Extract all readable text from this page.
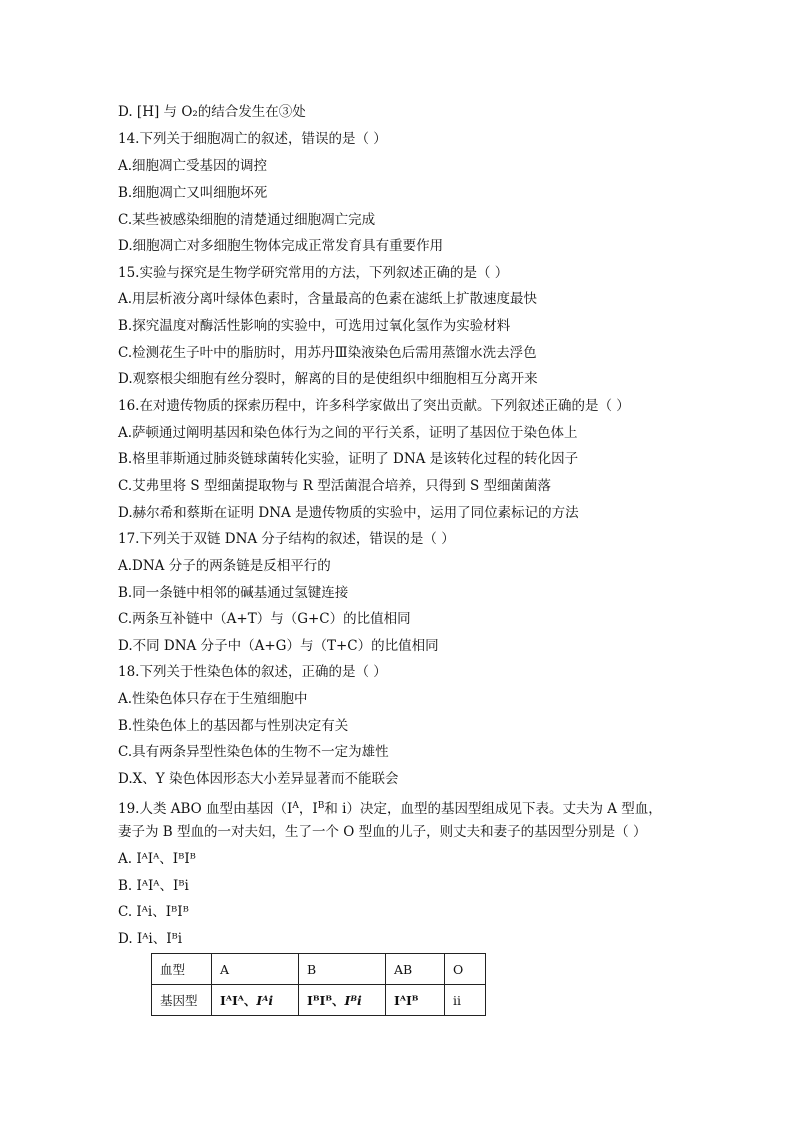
D. [H] 与 O₂的结合发生在③处
14.下列关于细胞凋亡的叙述，错误的是（ ）
A.细胞凋亡受基因的调控
B.细胞凋亡又叫细胞坏死
C.某些被感染细胞的清楚通过细胞凋亡完成
D.细胞凋亡对多细胞生物体完成正常发育具有重要作用
15.实验与探究是生物学研究常用的方法，下列叙述正确的是（ ）
A.用层析液分离叶绿体色素时，含量最高的色素在滤纸上扩散速度最快
B.探究温度对酶活性影响的实验中，可选用过氧化氢作为实验材料
C.检测花生子叶中的脂肪时，用苏丹Ⅲ染液染色后需用蒸馏水洗去浮色
D.观察根尖细胞有丝分裂时，解离的目的是使组织中细胞相互分离开来
16.在对遗传物质的探索历程中，许多科学家做出了突出贡献。下列叙述正确的是（ ）
A.萨顿通过阐明基因和染色体行为之间的平行关系，证明了基因位于染色体上
B.格里菲斯通过肺炎链球菌转化实验，证明了 DNA 是该转化过程的转化因子
C.艾弗里将 S 型细菌提取物与 R 型活菌混合培养，只得到 S 型细菌菌落
D.赫尔希和蔡斯在证明 DNA 是遗传物质的实验中，运用了同位素标记的方法
17.下列关于双链 DNA 分子结构的叙述，错误的是（ ）
A.DNA 分子的两条链是反相平行的
B.同一条链中相邻的碱基通过氢键连接
C.两条互补链中（A+T）与（G+C）的比值相同
D.不同 DNA 分子中（A+G）与（T+C）的比值相同
18.下列关于性染色体的叙述，正确的是（ ）
A.性染色体只存在于生殖细胞中
B.性染色体上的基因都与性别决定有关
C.具有两条异型性染色体的生物不一定为雄性
D.X、Y 染色体因形态大小差异显著而不能联会
19.人类 ABO 血型由基因（$I^A$，$I^B$和 i）决定，血型的基因型组成见下表。丈夫为 A 型血，
妻子为 B 型血的一对夫妇，生了一个 O 型血的儿子，则丈夫和妻子的基因型分别是（ ）
A. IᴬIᴬ、IᴮIᴮ
B. IᴬIᴬ、Iᴮi
C. Iᴬi、IᴮIᴮ
D. Iᴬi、Iᴮi
血型	A	B	AB	O
基因型	IᴬIᴬ、Iᴬi	IᴮIᴮ、Iᴮi	IᴬIᴮ	ii
